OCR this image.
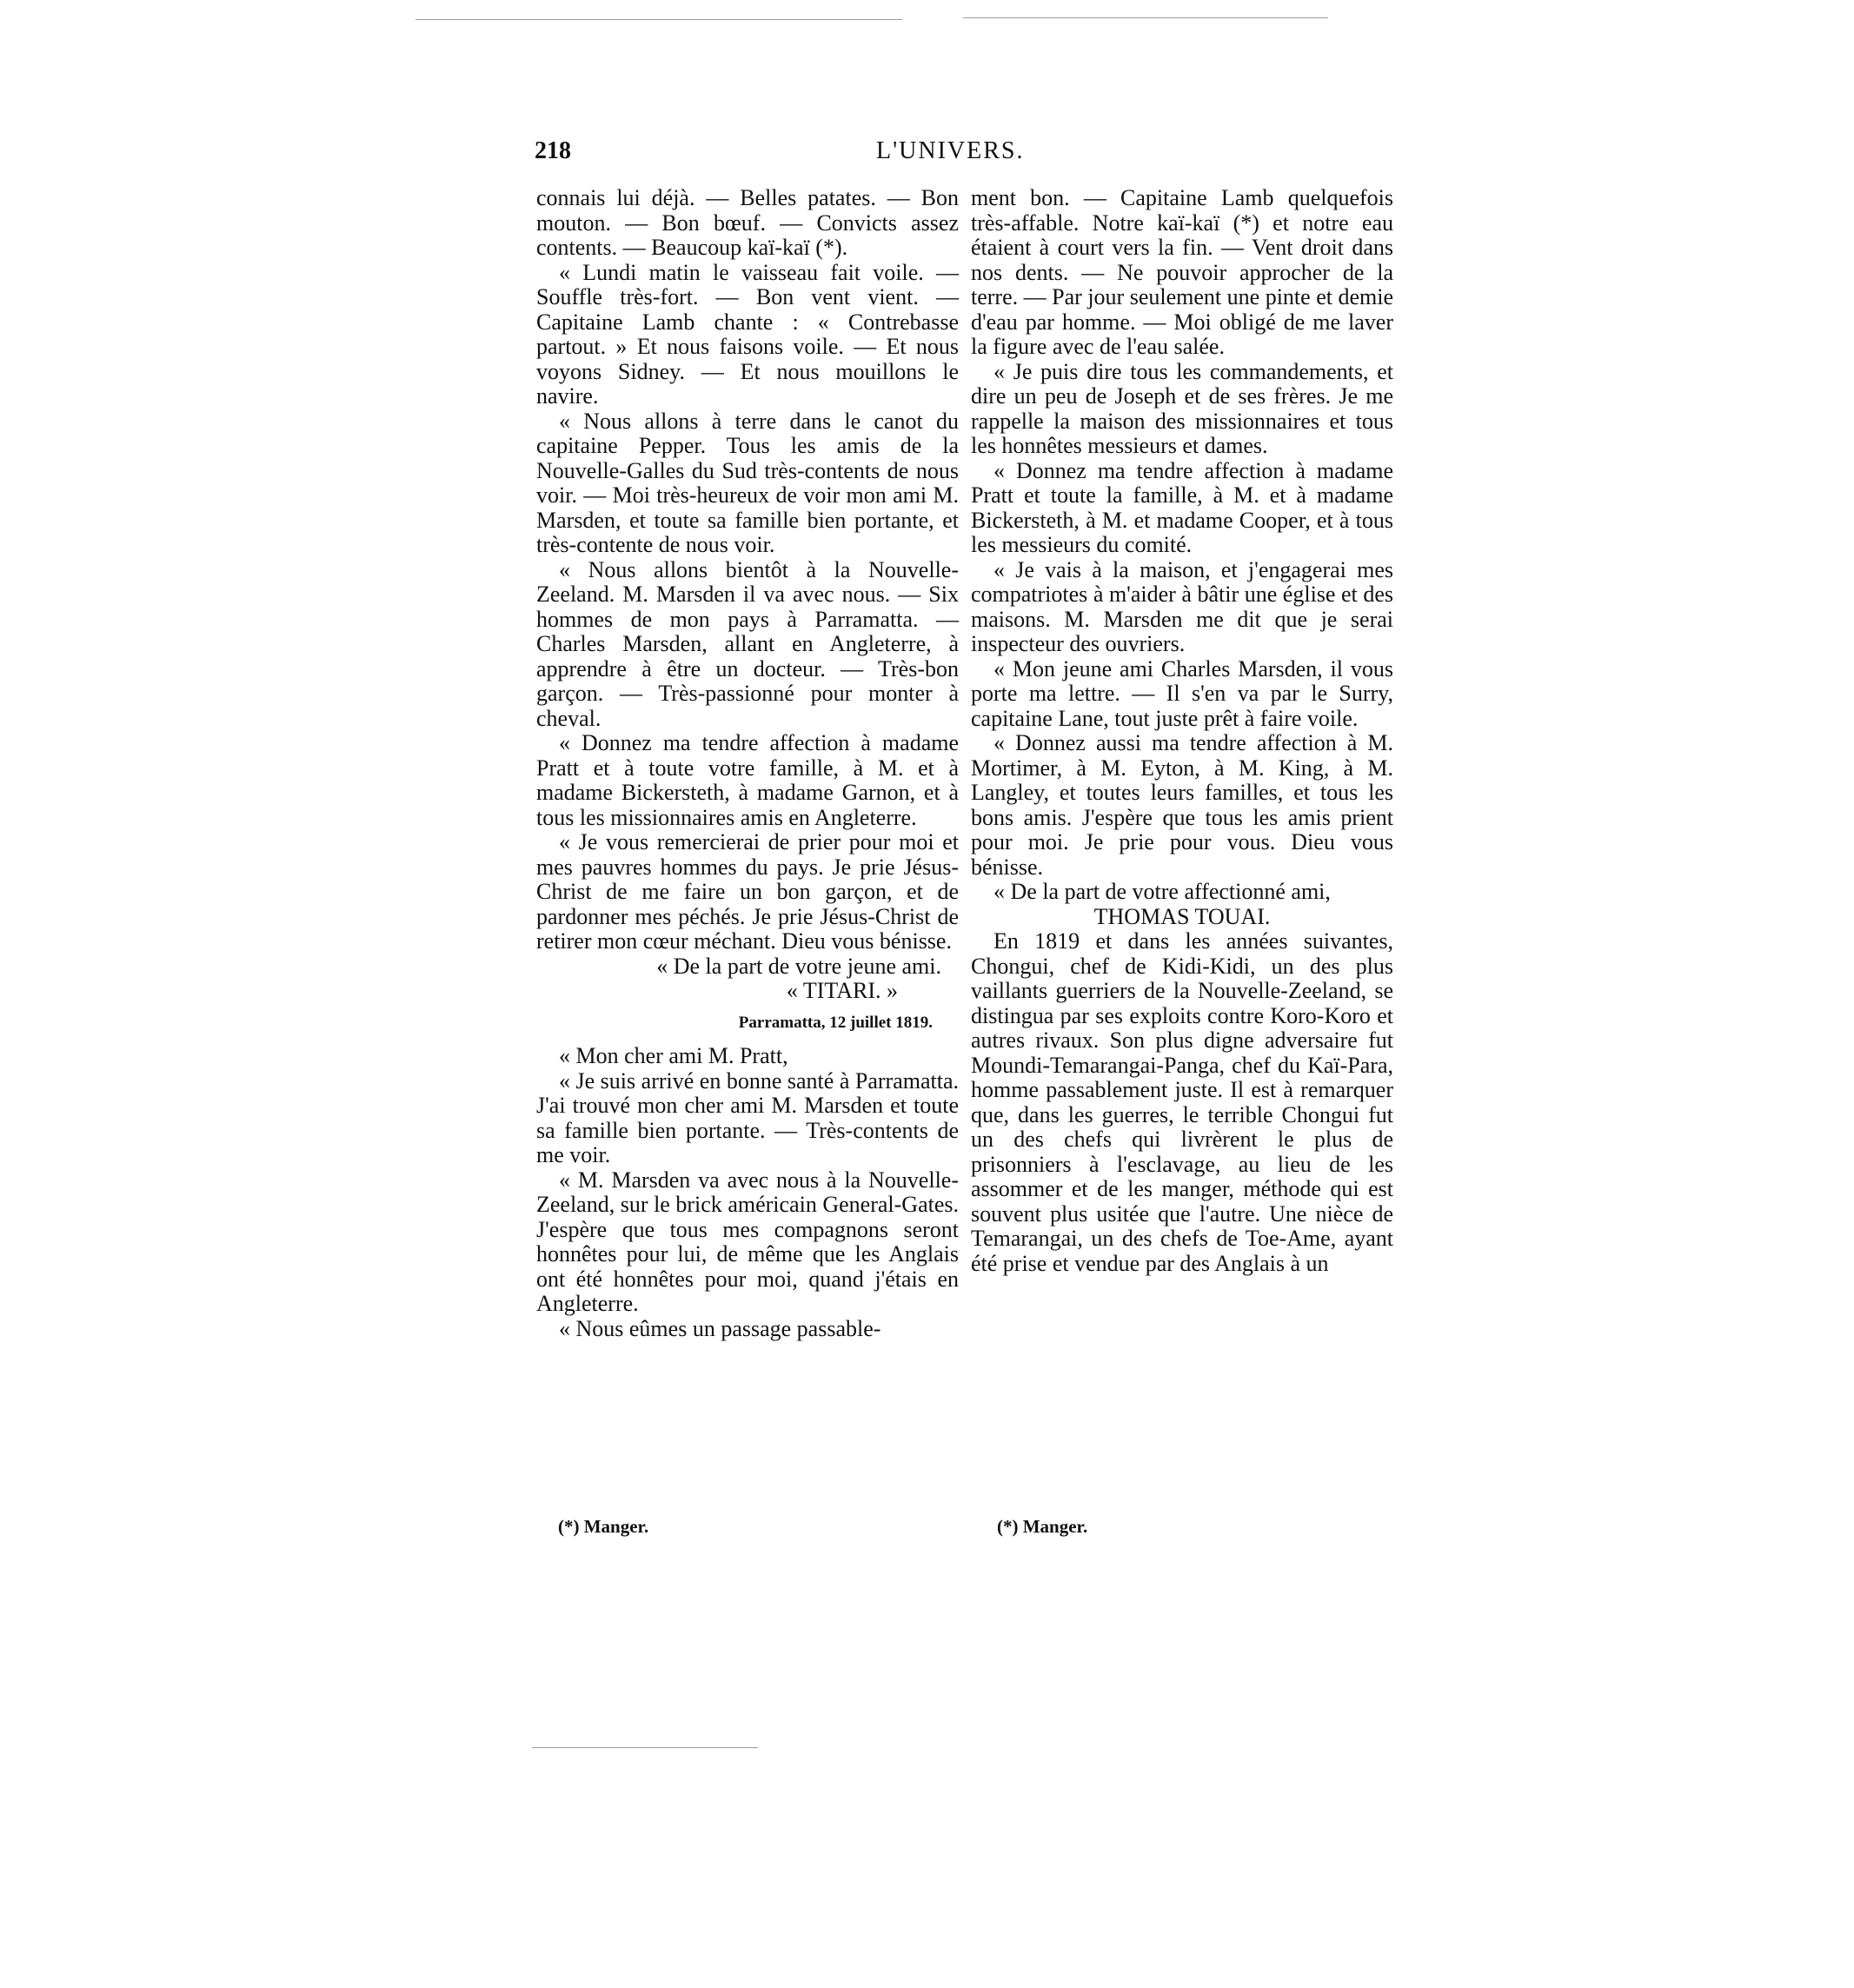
218	L'UNIVERS.

connais lui déjà. — Belles patates. — Bon mouton. — Bon bœuf. — Convicts assez contents. — Beaucoup kaï-kaï (*).

« Lundi matin le vaisseau fait voile. — Souffle très-fort. — Bon vent vient. — Capitaine Lamb chante : « Contrebasse partout. » Et nous faisons voile. — Et nous voyons Sidney. — Et nous mouillons le navire.

« Nous allons à terre dans le canot du capitaine Pepper. Tous les amis de la Nouvelle-Galles du Sud très-contents de nous voir. — Moi très-heureux de voir mon ami M. Marsden, et toute sa famille bien portante, et très-contente de nous voir.

« Nous allons bientôt à la Nouvelle-Zeeland. M. Marsden il va avec nous. — Six hommes de mon pays à Parramatta. — Charles Marsden, allant en Angleterre, à apprendre à être un docteur. — Très-bon garçon. — Très-passionné pour monter à cheval.

« Donnez ma tendre affection à madame Pratt et à toute votre famille, à M. et à madame Bickersteth, à madame Garnon, et à tous les missionnaires amis en Angleterre.

« Je vous remercierai de prier pour moi et mes pauvres hommes du pays. Je prie Jésus-Christ de me faire un bon garçon, et de pardonner mes péchés. Je prie Jésus-Christ de retirer mon cœur méchant. Dieu vous bénisse.

« De la part de votre jeune ami.

« TITARI. »

Parramatta, 12 juillet 1819.

« Mon cher ami M. Pratt,

« Je suis arrivé en bonne santé à Parramatta. J'ai trouvé mon cher ami M. Marsden et toute sa famille bien portante. — Très-contents de me voir.

« M. Marsden va avec nous à la Nouvelle-Zeeland, sur le brick américain General-Gates. J'espère que tous mes compagnons seront honnêtes pour lui, de même que les Anglais ont été honnêtes pour moi, quand j'étais en Angleterre.

« Nous eûmes un passage passable-

ment bon. — Capitaine Lamb quelquefois très-affable. Notre kaï-kaï (*) et notre eau étaient à court vers la fin. — Vent droit dans nos dents. — Ne pouvoir approcher de la terre. — Par jour seulement une pinte et demie d'eau par homme. — Moi obligé de me laver la figure avec de l'eau salée.

« Je puis dire tous les commandements, et dire un peu de Joseph et de ses frères. Je me rappelle la maison des missionnaires et tous les honnêtes messieurs et dames.

« Donnez ma tendre affection à madame Pratt et toute la famille, à M. et à madame Bickersteth, à M. et madame Cooper, et à tous les messieurs du comité.

« Je vais à la maison, et j'engagerai mes compatriotes à m'aider à bâtir une église et des maisons. M. Marsden me dit que je serai inspecteur des ouvriers.

« Mon jeune ami Charles Marsden, il vous porte ma lettre. — Il s'en va par le Surry, capitaine Lane, tout juste prêt à faire voile.

« Donnez aussi ma tendre affection à M. Mortimer, à M. Eyton, à M. King, à M. Langley, et toutes leurs familles, et tous les bons amis. J'espère que tous les amis prient pour moi. Je prie pour vous. Dieu vous bénisse.

« De la part de votre affectionné ami,

THOMAS TOUAI.

En 1819 et dans les années suivantes, Chongui, chef de Kidi-Kidi, un des plus vaillants guerriers de la Nouvelle-Zeeland, se distingua par ses exploits contre Koro-Koro et autres rivaux. Son plus digne adversaire fut Moundi-Temarangai-Panga, chef du Kaï-Para, homme passablement juste. Il est à remarquer que, dans les guerres, le terrible Chongui fut un des chefs qui livrèrent le plus de prisonniers à l'esclavage, au lieu de les assommer et de les manger, méthode qui est souvent plus usitée que l'autre. Une nièce de Temarangai, un des chefs de Toe-Ame, ayant été prise et vendue par des Anglais à un

(*) Manger.	(*) Manger.
